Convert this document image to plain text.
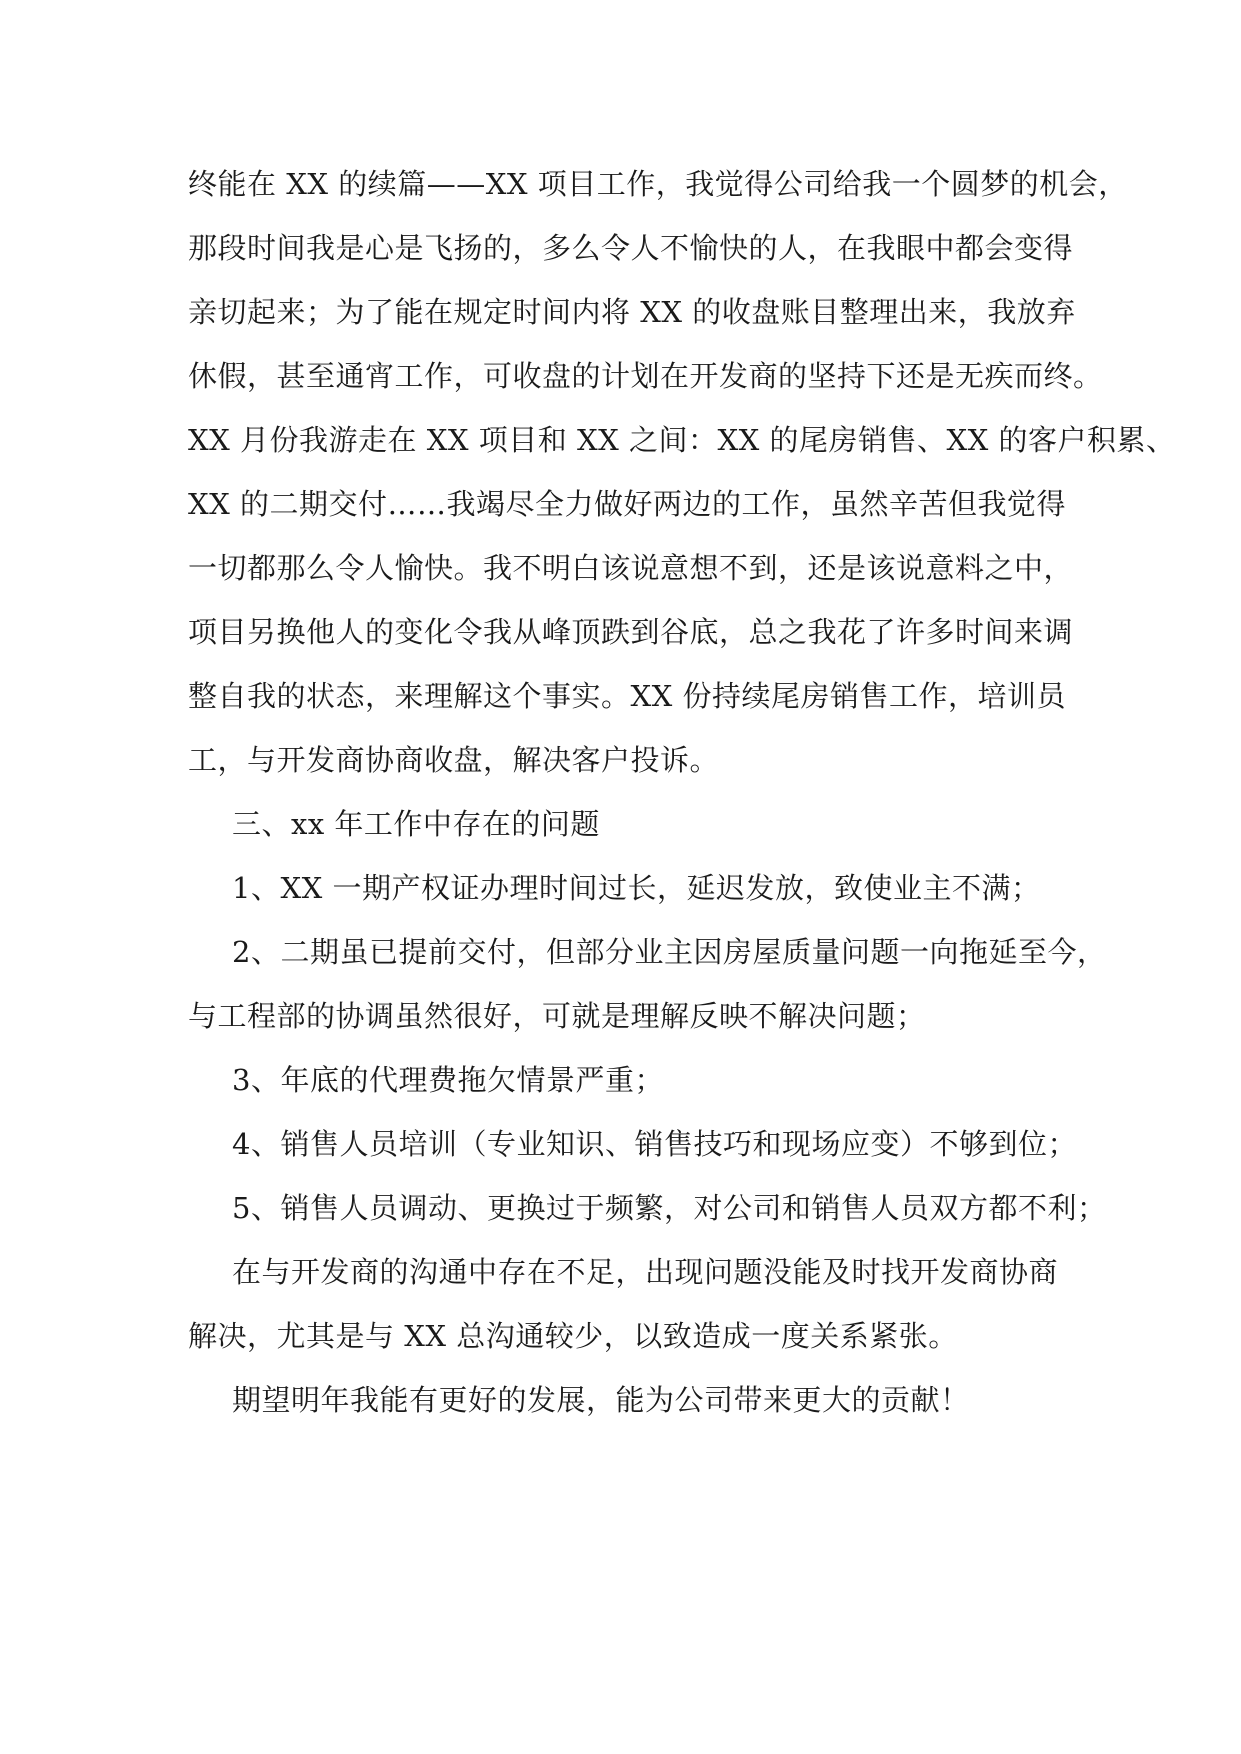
终能在 XX 的续篇——XX 项目工作，我觉得公司给我一个圆梦的机会，
那段时间我是心是飞扬的，多么令人不愉快的人，在我眼中都会变得
亲切起来；为了能在规定时间内将 XX 的收盘账目整理出来，我放弃
休假，甚至通宵工作，可收盘的计划在开发商的坚持下还是无疾而终。
XX 月份我游走在 XX 项目和 XX 之间：XX 的尾房销售、XX 的客户积累、
XX 的二期交付……我竭尽全力做好两边的工作，虽然辛苦但我觉得
一切都那么令人愉快。我不明白该说意想不到，还是该说意料之中，
项目另换他人的变化令我从峰顶跌到谷底，总之我花了许多时间来调
整自我的状态，来理解这个事实。XX 份持续尾房销售工作，培训员
工，与开发商协商收盘，解决客户投诉。
三、xx 年工作中存在的问题
1、XX 一期产权证办理时间过长，延迟发放，致使业主不满；
2、二期虽已提前交付，但部分业主因房屋质量问题一向拖延至今，
与工程部的协调虽然很好，可就是理解反映不解决问题；
3、年底的代理费拖欠情景严重；
4、销售人员培训（专业知识、销售技巧和现场应变）不够到位；
5、销售人员调动、更换过于频繁，对公司和销售人员双方都不利；
在与开发商的沟通中存在不足，出现问题没能及时找开发商协商
解决，尤其是与 XX 总沟通较少，以致造成一度关系紧张。
期望明年我能有更好的发展，能为公司带来更大的贡献！
